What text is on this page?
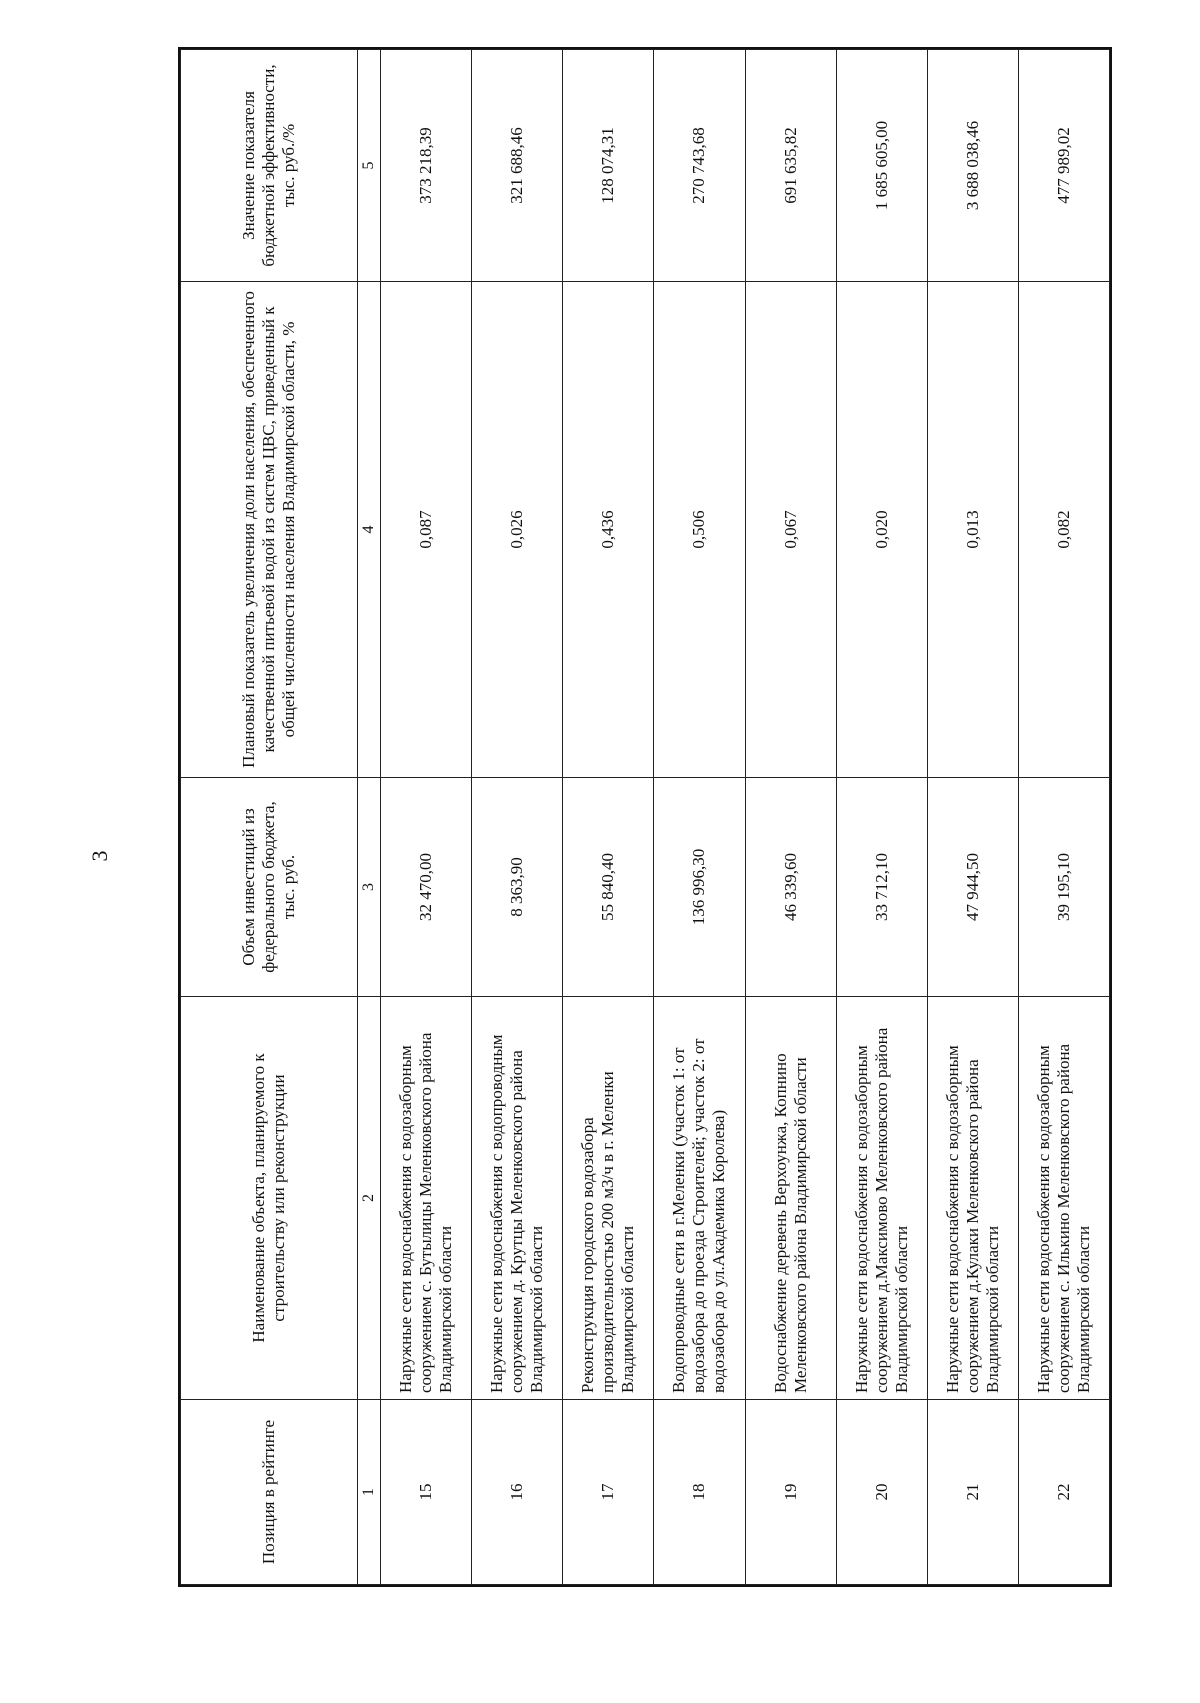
3
Позиция в рейтинге	Наименование объекта, планируемого к строительству или реконструкции	Объем инвестиций из федерального бюджета, тыс. руб.	Плановый показатель увеличения доли населения, обеспеченного качественной питьевой водой из систем ЦВС, приведенный к общей численности населения Владимирской области, %	Значение показателя бюджетной эффективности, тыс. руб./%
1	2	3	4	5
15	Наружные сети водоснабжения с водозаборным сооружением с. Бутылицы Меленковского района Владимирской области	32 470,00	0,087	373 218,39
16	Наружные сети водоснабжения с водопроводным сооружением д. Крутцы Меленковского района Владимирской области	8 363,90	0,026	321 688,46
17	Реконструкция городского водозабора производительностью 200 м3/ч в г. Меленки Владимирской области	55 840,40	0,436	128 074,31
18	Водопроводные сети в г.Меленки (участок 1: от водозабора до проезда Строителей; участок 2: от водозабора до ул.Академика Королева)	136 996,30	0,506	270 743,68
19	Водоснабжение деревень Верхоунжа, Копнино Меленковского района Владимирской области	46 339,60	0,067	691 635,82
20	Наружные сети водоснабжения с водозаборным сооружением д.Максимово Меленковского района Владимирской области	33 712,10	0,020	1 685 605,00
21	Наружные сети водоснабжения с водозаборным сооружением д.Кулаки Меленковского района Владимирской области	47 944,50	0,013	3 688 038,46
22	Наружные сети водоснабжения с водозаборным сооружением с. Илькино Меленковского района Владимирской области	39 195,10	0,082	477 989,02
